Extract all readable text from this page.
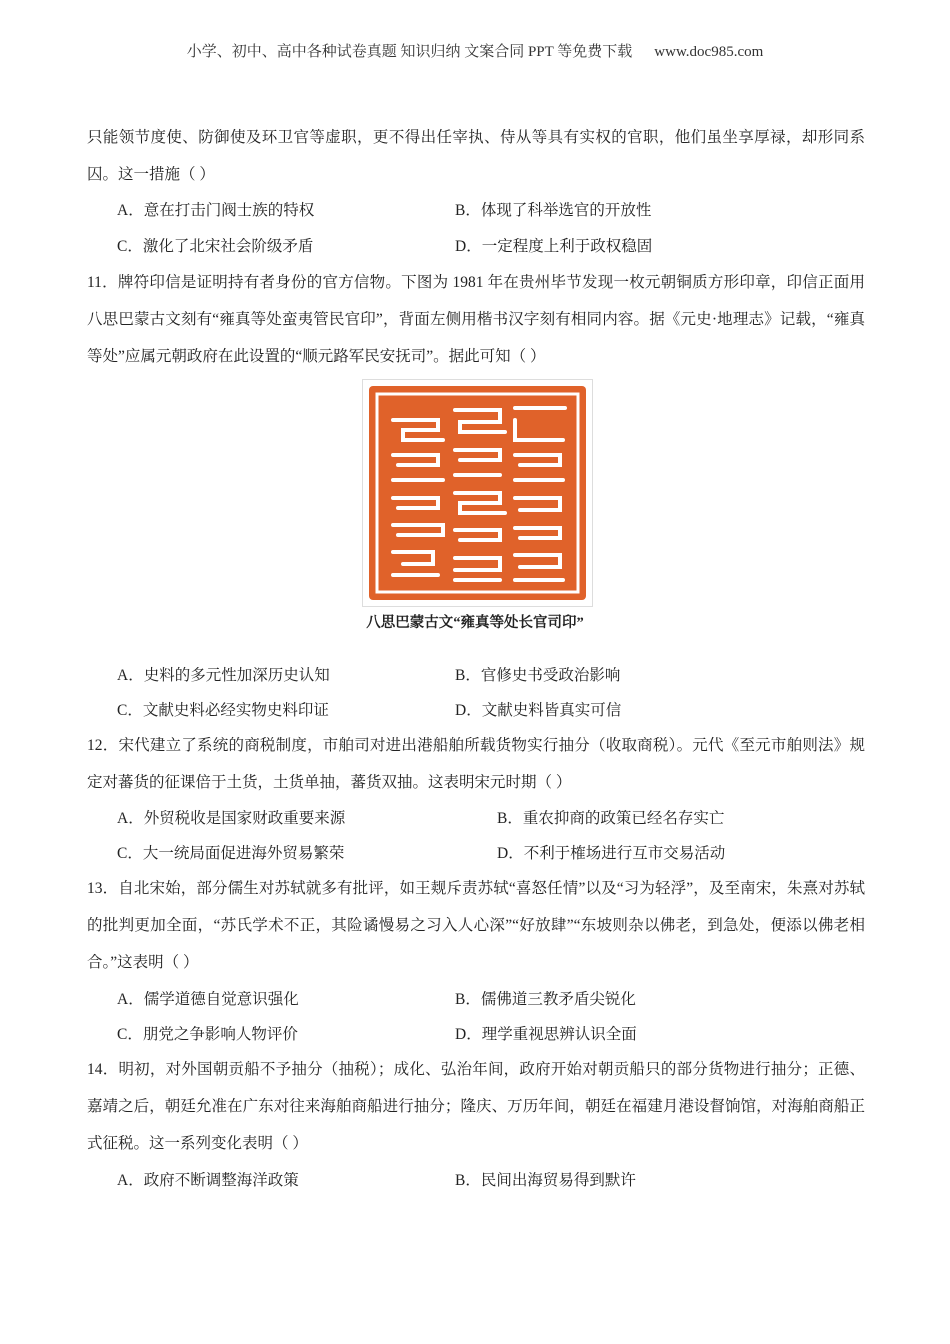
小学、初中、高中各种试卷真题 知识归纳 文案合同 PPT 等免费下载 www.doc985.com
只能领节度使、防御使及环卫官等虚职，更不得出任宰执、侍从等具有实权的官职，他们虽坐享厚禄，却形同系囚。这一措施（ ）
A．意在打击门阀士族的特权	B．体现了科举选官的开放性
C．激化了北宋社会阶级矛盾	D．一定程度上利于政权稳固
11．牌符印信是证明持有者身份的官方信物。下图为 1981 年在贵州毕节发现一枚元朝铜质方形印章，印信正面用八思巴蒙古文刻有“雍真等处蛮夷管民官印”，背面左侧用楷书汉字刻有相同内容。据《元史·地理志》记载，“雍真等处”应属元朝政府在此设置的“顺元路军民安抚司”。据此可知（ ）
八思巴蒙古文“雍真等处长官司印”
A．史料的多元性加深历史认知	B．官修史书受政治影响
C．文献史料必经实物史料印证	D．文献史料皆真实可信
12．宋代建立了系统的商税制度，市舶司对进出港船舶所载货物实行抽分（收取商税）。元代《至元市舶则法》规定对蕃货的征课倍于土货，土货单抽，蕃货双抽。这表明宋元时期（ ）
A．外贸税收是国家财政重要来源	B．重农抑商的政策已经名存实亡
C．大一统局面促进海外贸易繁荣	D．不利于榷场进行互市交易活动
13．自北宋始，部分儒生对苏轼就多有批评，如王觌斥责苏轼“喜怒任情”以及“习为轻浮”，及至南宋，朱熹对苏轼的批判更加全面，“苏氏学术不正，其险谲慢易之习入人心深”“好放肆”“东坡则杂以佛老，到急处，便添以佛老相合。”这表明（ ）
A．儒学道德自觉意识强化	B．儒佛道三教矛盾尖锐化
C．朋党之争影响人物评价	D．理学重视思辨认识全面
14．明初，对外国朝贡船不予抽分（抽税）；成化、弘治年间，政府开始对朝贡船只的部分货物进行抽分；正德、嘉靖之后，朝廷允准在广东对往来海舶商船进行抽分；隆庆、万历年间，朝廷在福建月港设督饷馆，对海舶商船正式征税。这一系列变化表明（ ）
A．政府不断调整海洋政策	B．民间出海贸易得到默许
